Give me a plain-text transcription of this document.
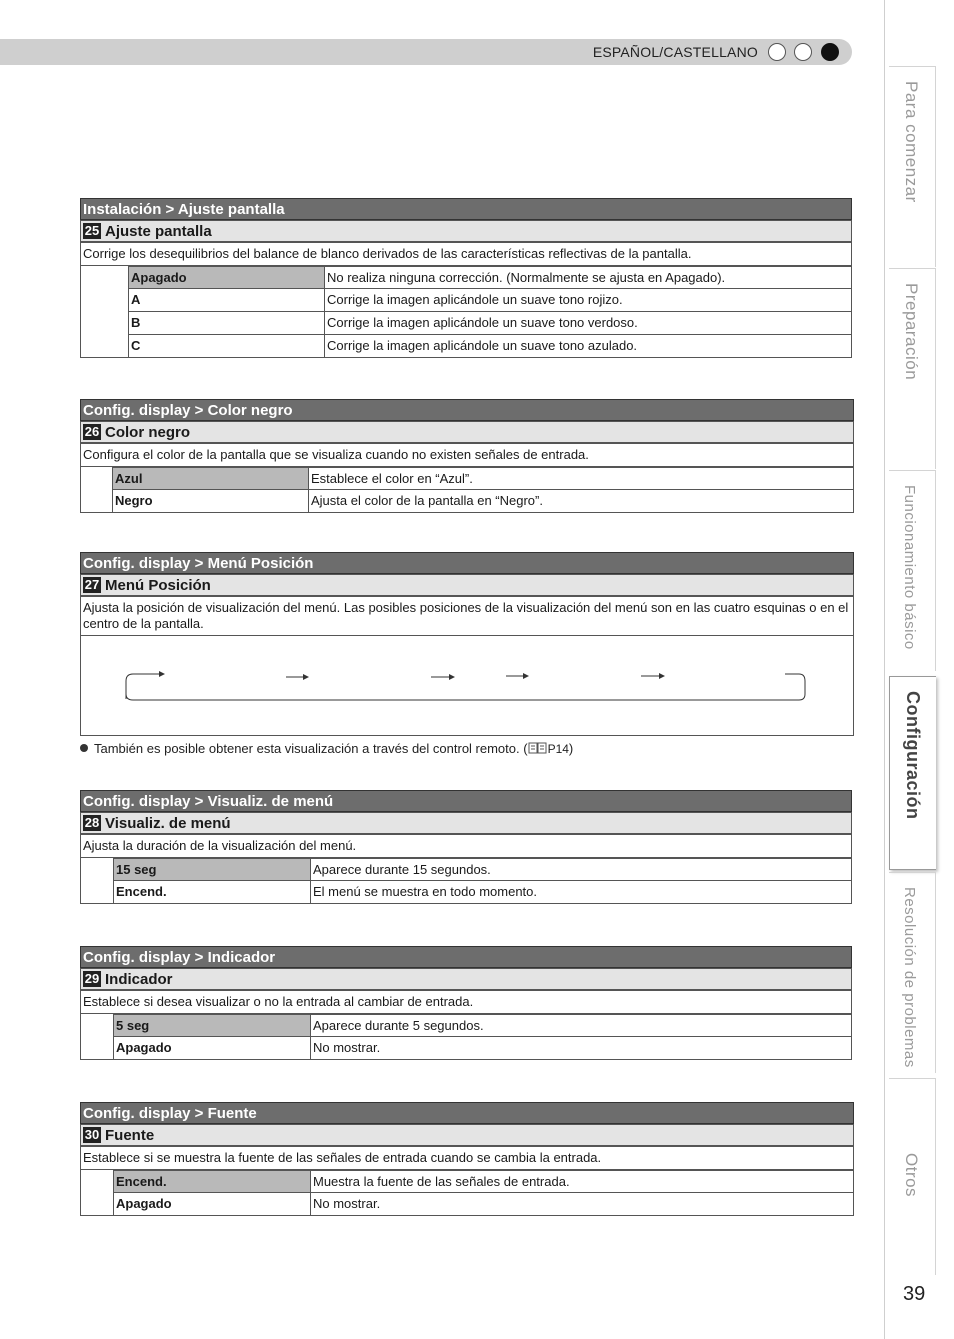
ESPAÑOL/CASTELLANO
Para comenzar
Preparación
Funcionamiento básico
Configuración
Resolución de problemas
Otros
39
Instalación > Ajuste pantalla
25 Ajuste pantalla
Corrige los desequilibrios del balance de blanco derivados de las características reflectivas de la pantalla.
Apagado	No realiza ninguna corrección. (Normalmente se ajusta en Apagado).
A	Corrige la imagen aplicándole un suave tono rojizo.
B	Corrige la imagen aplicándole un suave tono verdoso.
C	Corrige la imagen aplicándole un suave tono azulado.
Config. display > Color negro
26 Color negro
Configura el color de la pantalla que se visualiza cuando no existen señales de entrada.
Azul	Establece el color en “Azul”.
Negro	Ajusta el color de la pantalla en “Negro”.
Config. display > Menú Posición
27 Menú Posición
Ajusta la posición de visualización del menú. Las posibles posiciones de la visualización del menú son en las cuatro esquinas o en el centro de la pantalla.
También es posible obtener esta visualización a través del control remoto. ( P14)
Config. display > Visualiz. de menú
28 Visualiz. de menú
Ajusta la duración de la visualización del menú.
15 seg	Aparece durante 15 segundos.
Encend.	El menú se muestra en todo momento.
Config. display > Indicador
29 Indicador
Establece si desea visualizar o no la entrada al cambiar de entrada.
5 seg	Aparece durante 5 segundos.
Apagado	No mostrar.
Config. display > Fuente
30 Fuente
Establece si se muestra la fuente de las señales de entrada cuando se cambia la entrada.
Encend.	Muestra la fuente de las señales de entrada.
Apagado	No mostrar.
